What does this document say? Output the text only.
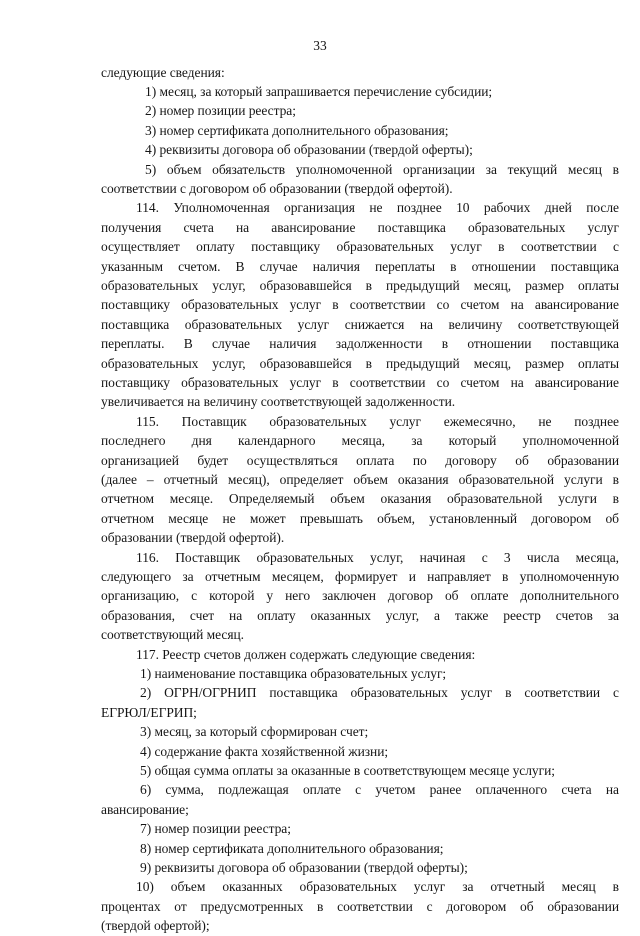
33
следующие сведения:
1) месяц, за который запрашивается перечисление субсидии;
2) номер позиции реестра;
3) номер сертификата дополнительного образования;
4) реквизиты договора об образовании (твердой оферты);
5) объем обязательств уполномоченной организации за текущий месяц в
соответствии с договором об образовании (твердой офертой).
114. Уполномоченная организация не позднее 10 рабочих дней после
получения счета на авансирование поставщика образовательных услуг
осуществляет оплату поставщику образовательных услуг в соответствии с
указанным счетом. В случае наличия переплаты в отношении поставщика
образовательных услуг, образовавшейся в предыдущий месяц, размер оплаты
поставщику образовательных услуг в соответствии со счетом на авансирование
поставщика образовательных услуг снижается на величину соответствующей
переплаты. В случае наличия задолженности в отношении поставщика
образовательных услуг, образовавшейся в предыдущий месяц, размер оплаты
поставщику образовательных услуг в соответствии со счетом на авансирование
увеличивается на величину соответствующей задолженности.
115. Поставщик образовательных услуг ежемесячно, не позднее
последнего дня календарного месяца, за который уполномоченной
организацией будет осуществляться оплата по договору об образовании
(далее – отчетный месяц), определяет объем оказания образовательной услуги в
отчетном месяце. Определяемый объем оказания образовательной услуги в
отчетном месяце не может превышать объем, установленный договором об
образовании (твердой офертой).
116. Поставщик образовательных услуг, начиная с 3 числа месяца,
следующего за отчетным месяцем, формирует и направляет в уполномоченную
организацию, с которой у него заключен договор об оплате дополнительного
образования, счет на оплату оказанных услуг, а также реестр счетов за
соответствующий месяц.
117. Реестр счетов должен содержать следующие сведения:
1) наименование поставщика образовательных услуг;
2) ОГРН/ОГРНИП поставщика образовательных услуг в соответствии с
ЕГРЮЛ/ЕГРИП;
3) месяц, за который сформирован счет;
4) содержание факта хозяйственной жизни;
5) общая сумма оплаты за оказанные в соответствующем месяце услуги;
6) сумма, подлежащая оплате с учетом ранее оплаченного счета на
авансирование;
7) номер позиции реестра;
8) номер сертификата дополнительного образования;
9) реквизиты договора об образовании (твердой оферты);
10) объем оказанных образовательных услуг за отчетный месяц в
процентах от предусмотренных в соответствии с договором об образовании
(твердой офертой);
